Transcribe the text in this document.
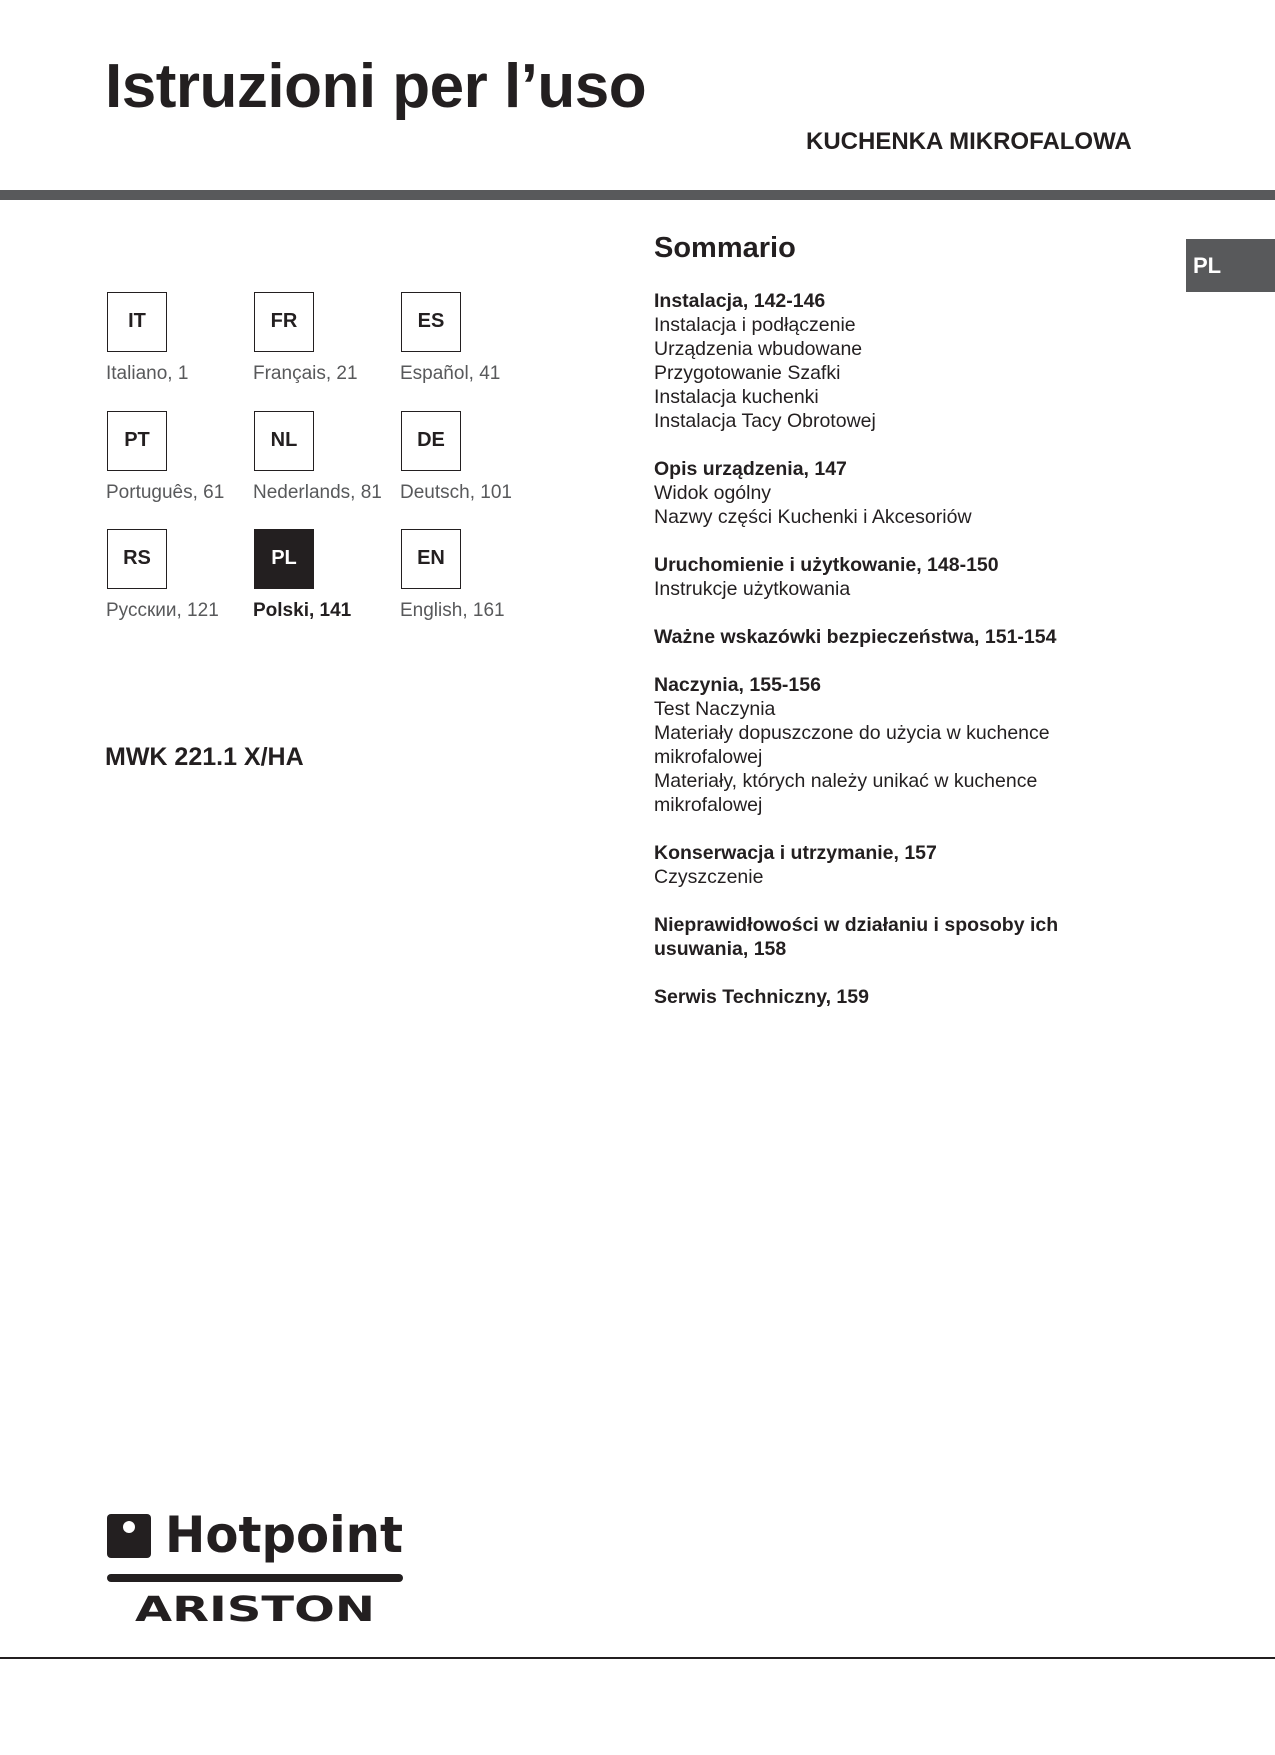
Istruzioni per l’uso
KUCHENKA MIKROFALOWA
PL
IT
Italiano, 1
FR
Français, 21
ES
Español, 41
PT
Português, 61
NL
Nederlands, 81
DE
Deutsch, 101
RS
Русскии, 121
PL
Polski, 141
EN
English, 161
MWK 221.1 X/HA
Sommario
Instalacja, 142-146
Instalacja i podłączenie
Urządzenia wbudowane
Przygotowanie Szafki
Instalacja kuchenki
Instalacja Tacy Obrotowej
Opis urządzenia, 147
Widok ogólny
Nazwy części Kuchenki i Akcesoriów
Uruchomienie i użytkowanie, 148-150
Instrukcje użytkowania
Ważne wskazówki bezpieczeństwa, 151-154
Naczynia, 155-156
Test Naczynia
Materiały dopuszczone do użycia w kuchence mikrofalowej
Materiały, których należy unikać w kuchence mikrofalowej
Konserwacja i utrzymanie, 157
Czyszczenie
Nieprawidłowości w działaniu i sposoby ich usuwania, 158
Serwis Techniczny, 159
Hotpoint
ARISTON
